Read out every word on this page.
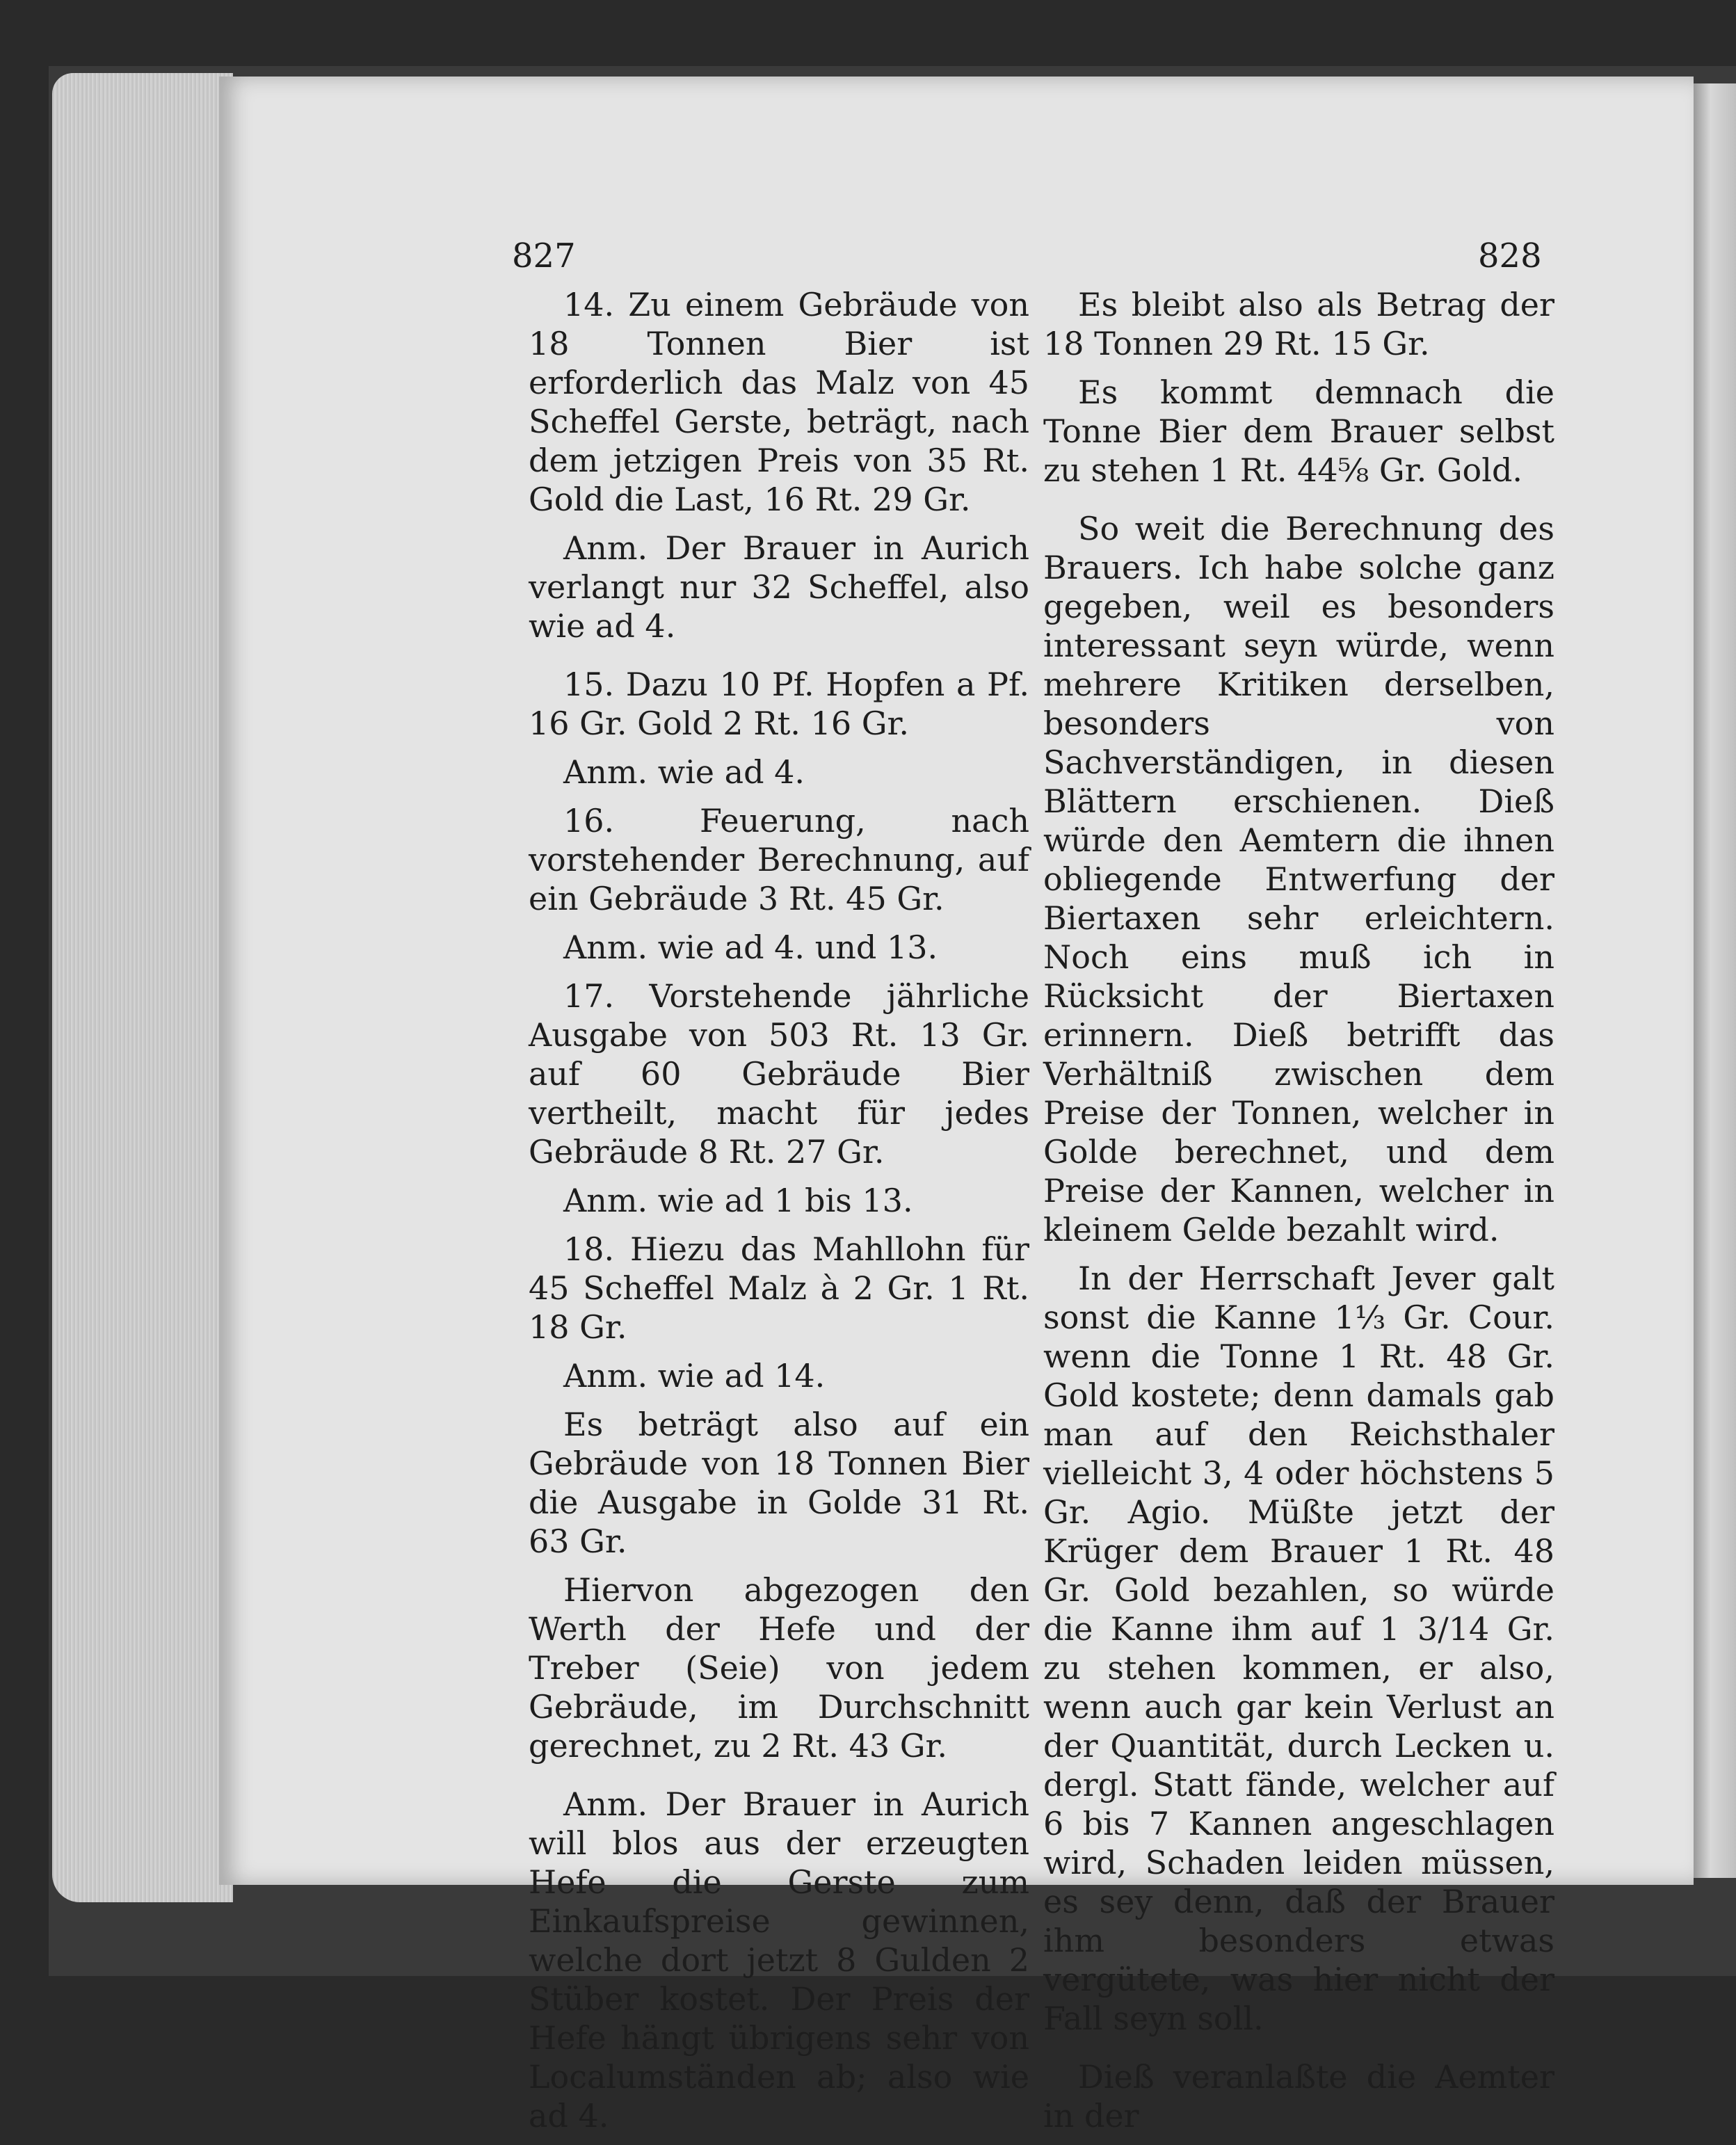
827	828

14. Zu einem Gebräude von 18 Tonnen Bier ist erforderlich das Malz von 45 Scheffel Gerste, beträgt, nach dem jetzigen Preis von 35 Rt. Gold die Last, 16 Rt. 29 Gr.

Anm. Der Brauer in Aurich verlangt nur 32 Scheffel, also wie ad 4.

15. Dazu 10 Pf. Hopfen a Pf. 16 Gr. Gold 2 Rt. 16 Gr.

Anm. wie ad 4.

16. Feuerung, nach vorstehender Berechnung, auf ein Gebräude 3 Rt. 45 Gr.

Anm. wie ad 4. und 13.

17. Vorstehende jährliche Ausgabe von 503 Rt. 13 Gr. auf 60 Gebräude Bier vertheilt, macht für jedes Gebräude 8 Rt. 27 Gr.

Anm. wie ad 1 bis 13.

18. Hiezu das Mahllohn für 45 Scheffel Malz à 2 Gr. 1 Rt. 18 Gr.

Anm. wie ad 14.

Es beträgt also auf ein Gebräude von 18 Tonnen Bier die Ausgabe in Golde 31 Rt. 63 Gr.

Hiervon abgezogen den Werth der Hefe und der Treber (Seie) von jedem Gebräude, im Durchschnitt gerechnet, zu 2 Rt. 43 Gr.

Anm. Der Brauer in Aurich will blos aus der erzeugten Hefe die Gerste zum Einkaufspreise gewinnen, welche dort jetzt 8 Gulden 2 Stüber kostet. Der Preis der Hefe hängt übrigens sehr von Localumständen ab; also wie ad 4.

Es bleibt also als Betrag der 18 Tonnen 29 Rt. 15 Gr.

Es kommt demnach die Tonne Bier dem Brauer selbst zu stehen 1 Rt. 44⅝ Gr. Gold.

So weit die Berechnung des Brauers. Ich habe solche ganz gegeben, weil es besonders interessant seyn würde, wenn mehrere Kritiken derselben, besonders von Sachverständigen, in diesen Blättern erschienen. Dieß würde den Aemtern die ihnen obliegende Entwerfung der Biertaxen sehr erleichtern. Noch eins muß ich in Rücksicht der Biertaxen erinnern. Dieß betrifft das Verhältniß zwischen dem Preise der Tonnen, welcher in Golde berechnet, und dem Preise der Kannen, welcher in kleinem Gelde bezahlt wird.

In der Herrschaft Jever galt sonst die Kanne 1⅓ Gr. Cour. wenn die Tonne 1 Rt. 48 Gr. Gold kostete; denn damals gab man auf den Reichsthaler vielleicht 3, 4 oder höchstens 5 Gr. Agio. Müßte jetzt der Krüger dem Brauer 1 Rt. 48 Gr. Gold bezahlen, so würde die Kanne ihm auf 1 3/14 Gr. zu stehen kommen, er also, wenn auch gar kein Verlust an der Quantität, durch Lecken u. dergl. Statt fände, welcher auf 6 bis 7 Kannen angeschlagen wird, Schaden leiden müssen, es sey denn, daß der Brauer ihm besonders etwas vergütete, was hier nicht der Fall seyn soll.

Dieß veranlaßte die Aemter in der
